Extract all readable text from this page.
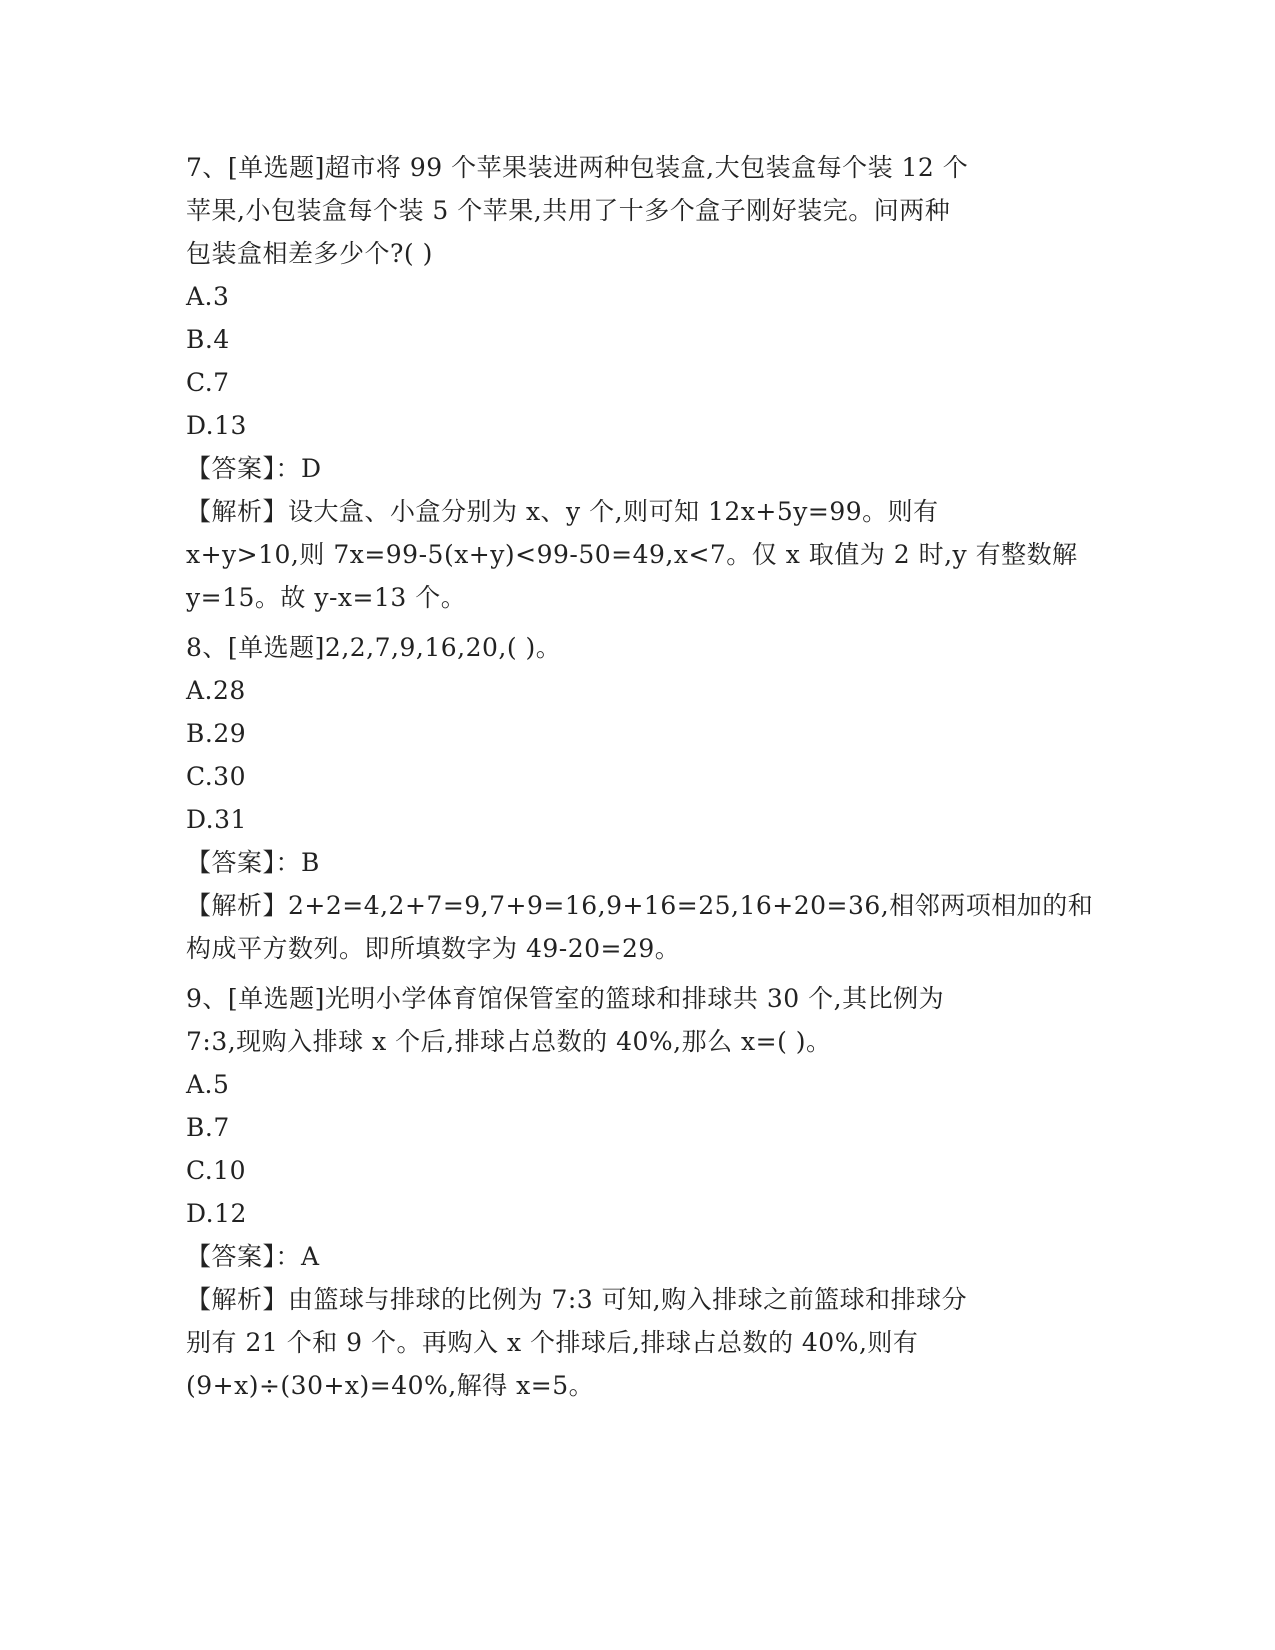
7、[单选题]超市将 99 个苹果装进两种包装盒,大包装盒每个装 12 个
苹果,小包装盒每个装 5 个苹果,共用了十多个盒子刚好装完。问两种
包装盒相差多少个?( )
A.3
B.4
C.7
D.13
【答案】：D
【解析】设大盒、小盒分别为 x、y 个,则可知 12x+5y=99。则有
x+y>10,则 7x=99-5(x+y)<99-50=49,x<7。仅 x 取值为 2 时,y 有整数解
y=15。故 y-x=13 个。
8、[单选题]2,2,7,9,16,20,( )。
A.28
B.29
C.30
D.31
【答案】：B
【解析】2+2=4,2+7=9,7+9=16,9+16=25,16+20=36,相邻两项相加的和
构成平方数列。即所填数字为 49-20=29。
9、[单选题]光明小学体育馆保管室的篮球和排球共 30 个,其比例为
7:3,现购入排球 x 个后,排球占总数的 40%,那么 x=( )。
A.5
B.7
C.10
D.12
【答案】：A
【解析】由篮球与排球的比例为 7:3 可知,购入排球之前篮球和排球分
别有 21 个和 9 个。再购入 x 个排球后,排球占总数的 40%,则有
(9+x)÷(30+x)=40%,解得 x=5。
